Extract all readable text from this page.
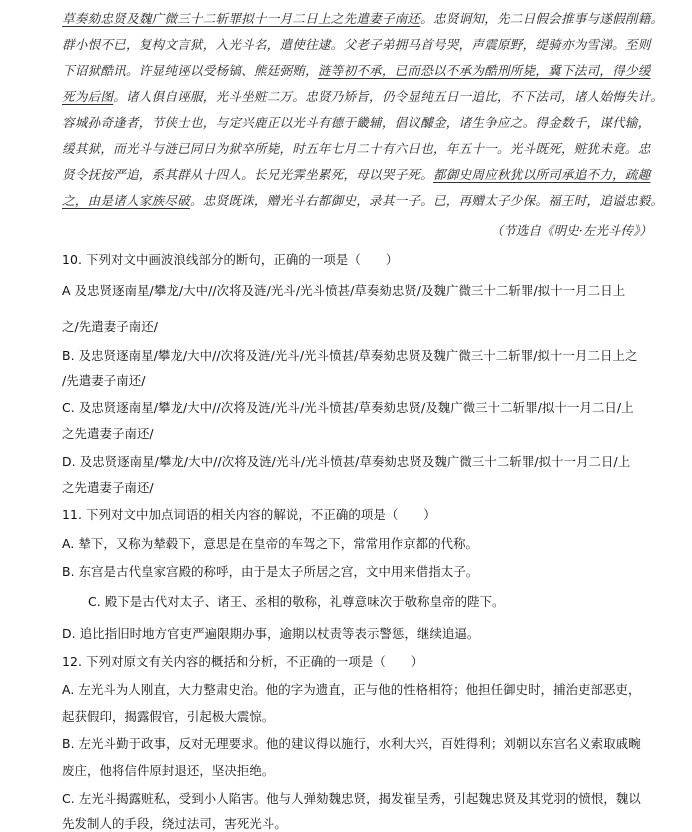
草奏劾忠贤及魏广微三十二斩罪拟十一月二日上之先遣妻子南还。忠贤诇知，先二日假会推事与遂假削籍。
群小恨不已，复构文言狱，入光斗名，遣使往逮。父老子弟拥马首号哭，声震原野，缇骑亦为雪涕。至则
下诏狱酷讯。许显纯诬以受杨镐、熊廷弼贿，涟等初不承，已而恐以不承为酷刑所毙，冀下法司，得少缓
死为后图。诸人俱自诬服，光斗坐赃二万。忠贤乃矫旨，仍令显纯五日一追比，不下法司，诸人始悔失计。
容城孙奇逢者，节侠士也，与定兴鹿正以光斗有德于畿辅，倡议醵金，诸生争应之。得金数千，谋代输，
缓其狱，而光斗与涟已同日为狱卒所毙，时五年七月二十有六日也，年五十一。光斗既死，赃犹未竟。忠
贤令抚按严追，系其群从十四人。长兄光霁坐累死，母以哭子死。都御史周应秋犹以所司承追不力，疏趣
之，由是诸人家族尽破。忠贤既诛，赠光斗右都御史，录其一子。已，再赠太子少保。福王时，追谥忠毅。
（节选自《明史·左光斗传》）
10. 下列对文中画波浪线部分的断句，正确的一项是（　　）
A 及忠贤逐南星/攀龙/大中//次将及涟/光斗/光斗愤甚/草奏劾忠贤/及魏广微三十二斩罪/拟十一月二日上
之/先遣妻子南还/
B. 及忠贤逐南星/攀龙/大中//次将及涟/光斗/光斗愤甚/草奏劾忠贤及魏广微三十二斩罪/拟十一月二日上之
/先遣妻子南还/
C. 及忠贤逐南星/攀龙/大中//次将及涟/光斗/光斗愤甚/草奏劾忠贤/及魏广微三十二斩罪/拟十一月二日/上
之先遣妻子南还/
D. 及忠贤逐南星/攀龙/大中//次将及涟/光斗/光斗愤甚/草奏劾忠贤及魏广微三十二斩罪/拟十一月二日/上
之先遣妻子南还/
11. 下列对文中加点词语的相关内容的解说，不正确的项是（　　）
A. 辇下，又称为辇毂下，意思是在皇帝的车驾之下，常常用作京都的代称。
B. 东宫是古代皇家宫殿的称呼，由于是太子所居之宫，文中用来借指太子。
C. 殿下是古代对太子、诸王、丞相的敬称，礼尊意味次于敬称皇帝的陛下。
D. 追比指旧时地方官吏严遍限期办事，逾期以杖责等表示警惩，继续追逼。
12. 下列对原文有关内容的概括和分析，不正确的一项是（　　）
A. 左光斗为人刚直，大力整肃史治。他的字为遗直，正与他的性格相符；他担任御史时，捕治吏部恶吏，
起获假印，揭露假官，引起极大震惊。
B. 左光斗勤于政事，反对无理要求。他的建议得以施行，水利大兴，百姓得利；刘朝以东宫名义索取戚畹
废庄，他将信件原封退还，坚决拒绝。
C. 左光斗揭露赃私，受到小人陷害。他与人弹劾魏忠贤，揭发崔呈秀，引起魏忠贤及其党羽的愤恨，魏以
先发制人的手段，绕过法司，害死光斗。
